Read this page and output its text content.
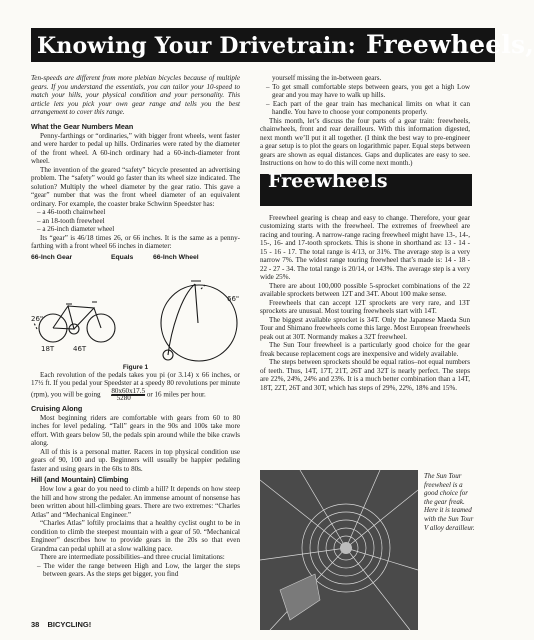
Knowing Your Drivetrain: Freewheels,

Ten-speeds are different from more plebian bicycles because of multiple gears. If you understand the essentials, you can tailor your 10-speed to match your hills, your physical condition and your personality. This article lets you pick your own gear range and tells you the best arrangement to cover this range.

What the Gear Numbers Mean

Penny-farthings or “ordinaries,” with bigger front wheels, went faster and were harder to pedal up hills. Ordinaries were rated by the diameter of the front wheel. A 60-inch ordinary had a 60-inch-diameter front wheel.

The invention of the geared “safety” bicycle presented an advertising problem. The “safety” would go faster than its wheel size indicated. The solution? Multiply the wheel diameter by the gear ratio. This gave a “gear” number that was the front wheel diameter of an equivalent ordinary. For example, the coaster brake Schwinn Speedster has:

– a 46-tooth chainwheel
– an 18-tooth freewheel
– a 26-inch diameter wheel

Its “gear” is 46/18 times 26, or 66 inches. It is the same as a penny-farthing with a front wheel 66 inches in diameter:

66-Inch Gear	Equals	66-Inch Wheel
26"
18T	46T
66"
Figure 1

Each revolution of the pedals takes you pi (or 3.14) x 66 inches, or 17½ ft. If you pedal your Speedster at a speedy 80 revolutions per minute (rpm), you will be going $\frac{80x60x17.5}{5280}$ or 16 miles per hour.

Cruising Along

Most beginning riders are comfortable with gears from 60 to 80 inches for level pedaling. “Tall” gears in the 90s and 100s take more effort. With gears below 50, the pedals spin around while the bike crawls along.

All of this is a personal matter. Racers in top physical condition use gears of 90, 100 and up. Beginners will usually be happier pedaling faster and using gears in the 60s to 80s.

Hill (and Mountain) Climbing

How low a gear do you need to climb a hill? It depends on how steep the hill and how strong the pedaler. An immense amount of nonsense has been written about hill-climbing gears. There are two extremes: “Charles Atlas” and “Mechanical Engineer.”

“Charles Atlas” loftily proclaims that a healthy cyclist ought to be in condition to climb the steepest mountain with a gear of 50. “Mechanical Engineer” describes how to provide gears in the 20s so that even Grandma can pedal uphill at a slow walking pace.

There are intermediate possibilities–and three crucial limitations:

– The wider the range between High and Low, the larger the steps between gears. As the steps get bigger, you find

yourself missing the in-between gears.

– To get small comfortable steps between gears, you get a high Low gear and you may have to walk up hills.
– Each part of the gear train has mechanical limits on what it can handle. You have to choose your components properly.

This month, let’s discuss the four parts of a gear train: freewheels, chainwheels, front and rear derailleurs. With this information digested, next month we’ll put it all together. (I think the best way to pre-engineer a gear setup is to plot the gears on logarithmic paper. Equal steps between gears are shown as equal distances. Gaps and duplicates are easy to see. Instructions on how to do this will come next month.)

Freewheels

Freewheel gearing is cheap and easy to change. Therefore, your gear customizing starts with the freewheel. The extremes of freewheel are racing and touring. A narrow-range racing freewheel might have 13-, 14-, 15-, 16- and 17-tooth sprockets. This is shone in shorthand as: 13 - 14 - 15 - 16 - 17. The total range is 4/13, or 31%. The average step is a very narrow 7%. The widest range touring freewheel that’s made is: 14 - 18 - 22 - 27 - 34. The total range is 20/14, or 143%. The average step is a very wide 25%.

There are about 100,000 possible 5-sprocket combinations of the 22 available sprockets between 12T and 34T. About 100 make sense.

Freewheels that can accept 12T sprockets are very rare, and 13T sprockets are unusual. Most touring freewheels start with 14T.

The biggest available sprocket is 34T. Only the Japanese Maeda Sun Tour and Shimano freewheels come this large. Most European freewheels peak out at 30T. Normandy makes a 32T freewheel.

The Sun Tour freewheel is a particularly good choice for the gear freak because replacement cogs are inexpensive and widely available.

The steps between sprockets should be equal ratios–not equal numbers of teeth. Thus, 14T, 17T, 21T, 26T and 32T is nearly perfect. The steps are 22%, 24%, 24% and 23%. It is a much better combination than a 14T, 18T, 22T, 26T and 30T, which has steps of 29%, 22%, 18% and 15%.

The Sun Tour freewheel is a good choice for the gear freak. Here it is teamed with the Sun Tour V alloy derailleur.
38 BICYCLING!
